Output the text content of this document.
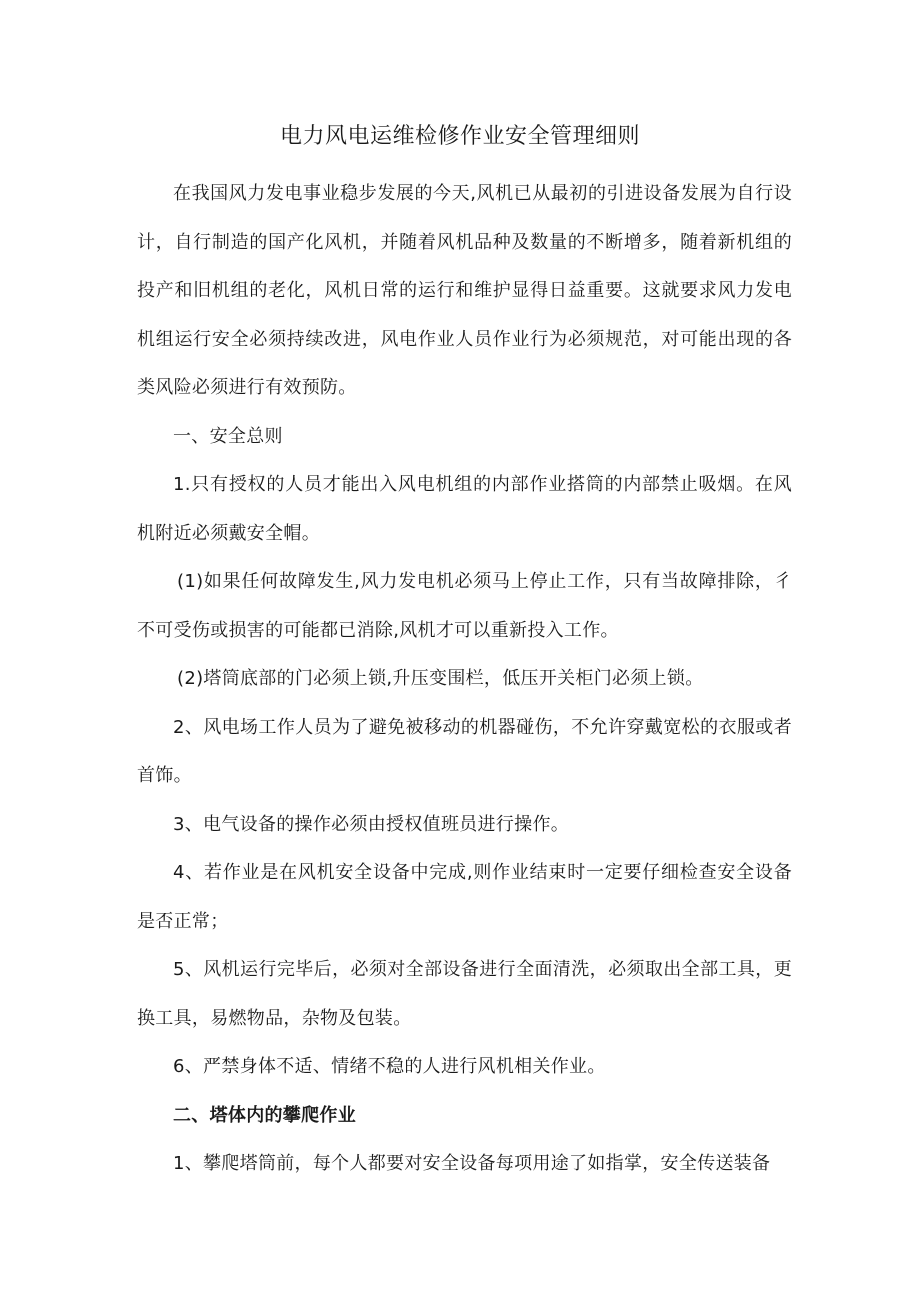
电力风电运维检修作业安全管理细则

在我国风力发电事业稳步发展的今天,风机已从最初的引进设备发展为自行设计，自行制造的国产化风机，并随着风机品种及数量的不断增多，随着新机组的投产和旧机组的老化，风机日常的运行和维护显得日益重要。这就要求风力发电机组运行安全必须持续改进，风电作业人员作业行为必须规范，对可能出现的各类风险必须进行有效预防。

一、安全总则

1.只有授权的人员才能出入风电机组的内部作业搭筒的内部禁止吸烟。在风机附近必须戴安全帽。

(1)如果任何故障发生,风力发电机必须马上停止工作，只有当故障排除，彳不可受伤或损害的可能都已消除,风机才可以重新投入工作。

(2)塔筒底部的门必须上锁,升压变围栏，低压开关柜门必须上锁。

2、风电场工作人员为了避免被移动的机器碰伤，不允许穿戴宽松的衣服或者首饰。

3、电气设备的操作必须由授权值班员进行操作。

4、若作业是在风机安全设备中完成,则作业结束时一定要仔细检查安全设备是否正常；

5、风机运行完毕后，必须对全部设备进行全面清洗，必须取出全部工具，更换工具，易燃物品，杂物及包装。

6、严禁身体不适、情绪不稳的人进行风机相关作业。

二、塔体内的攀爬作业

1、攀爬塔筒前，每个人都要对安全设备每项用途了如指掌，安全传送装备
